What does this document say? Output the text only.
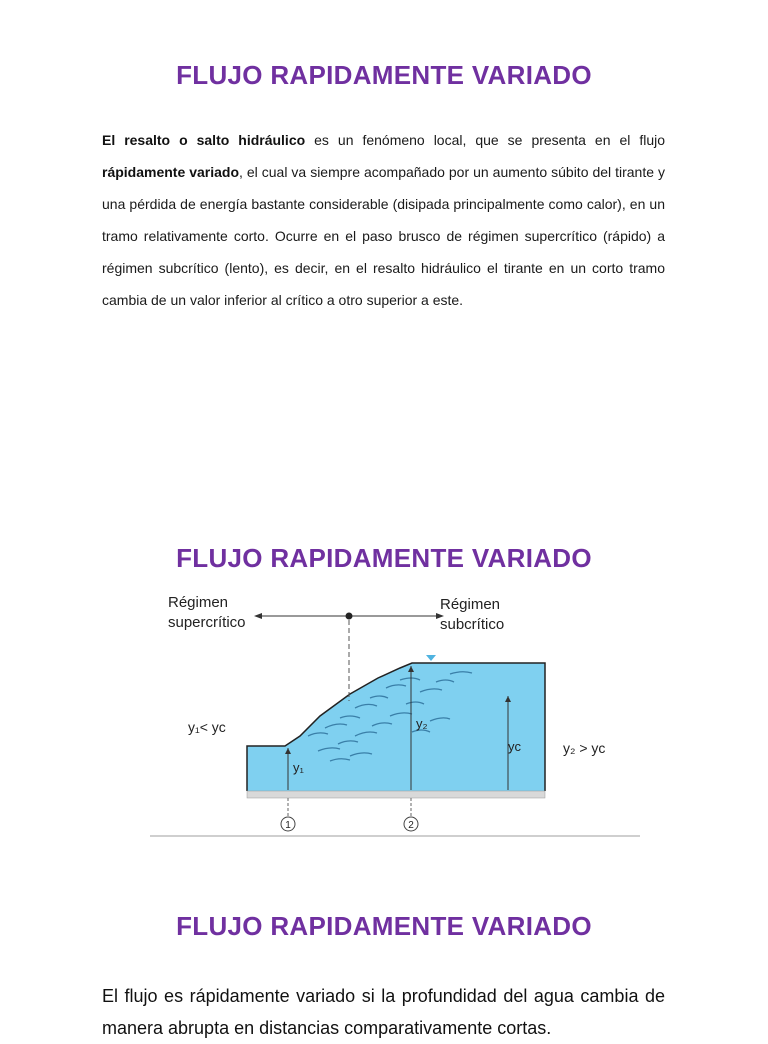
FLUJO RAPIDAMENTE VARIADO
El resalto o salto hidráulico es un fenómeno local, que se presenta en el flujo rápidamente variado, el cual va siempre acompañado por un aumento súbito del tirante y una pérdida de energía bastante considerable (disipada principalmente como calor), en un tramo relativamente corto. Ocurre en el paso brusco de régimen supercrítico (rápido) a régimen subcrítico (lento), es decir, en el resalto hidráulico el tirante en un corto tramo cambia de un valor inferior al crítico a otro superior a este.
FLUJO RAPIDAMENTE VARIADO
Régimen
supercrítico
Régimen
subcrítico
y₁< yᴄ
y₂ > yᴄ
y₁
y₂
yᴄ
1	2
FLUJO RAPIDAMENTE VARIADO
El flujo es rápidamente variado si la profundidad del agua cambia de manera abrupta en distancias comparativamente cortas.
